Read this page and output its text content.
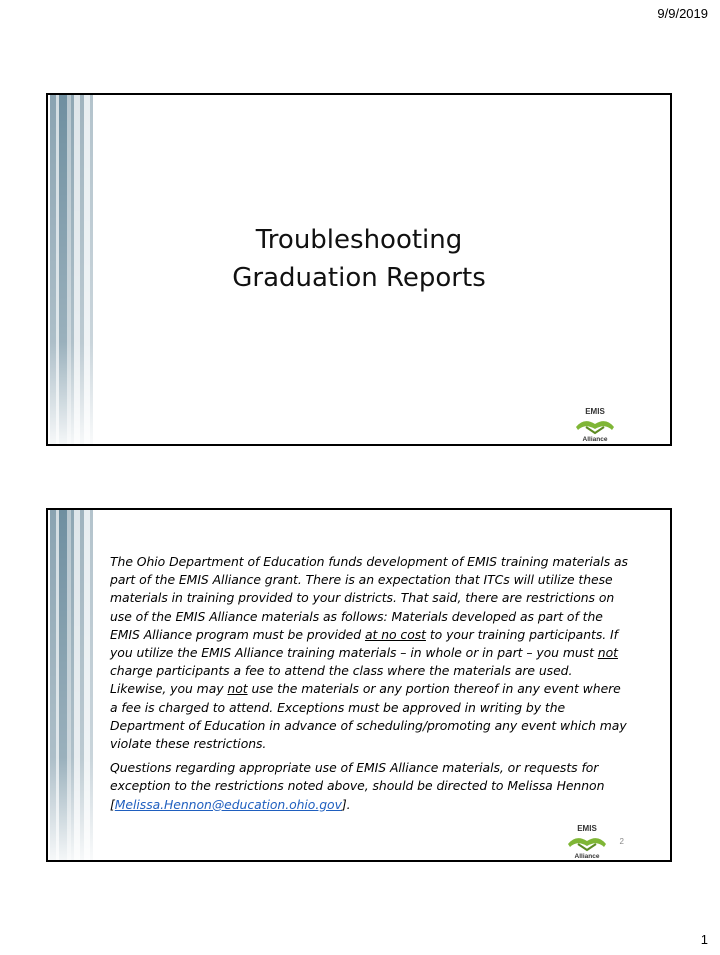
9/9/2019
Troubleshooting
Graduation Reports
EMIS
Alliance

The Ohio Department of Education funds development of EMIS training materials as part of the EMIS Alliance grant. There is an expectation that ITCs will utilize these materials in training provided to your districts. That said, there are restrictions on use of the EMIS Alliance materials as follows: Materials developed as part of the EMIS Alliance program must be provided at no cost to your training participants. If you utilize the EMIS Alliance training materials – in whole or in part – you must not charge participants a fee to attend the class where the materials are used. Likewise, you may not use the materials or any portion thereof in any event where a fee is charged to attend. Exceptions must be approved in writing by the Department of Education in advance of scheduling/promoting any event which may violate these restrictions.

Questions regarding appropriate use of EMIS Alliance materials, or requests for exception to the restrictions noted above, should be directed to Melissa Hennon [Melissa.Hennon@education.ohio.gov].

EMIS
Alliance
2
1
